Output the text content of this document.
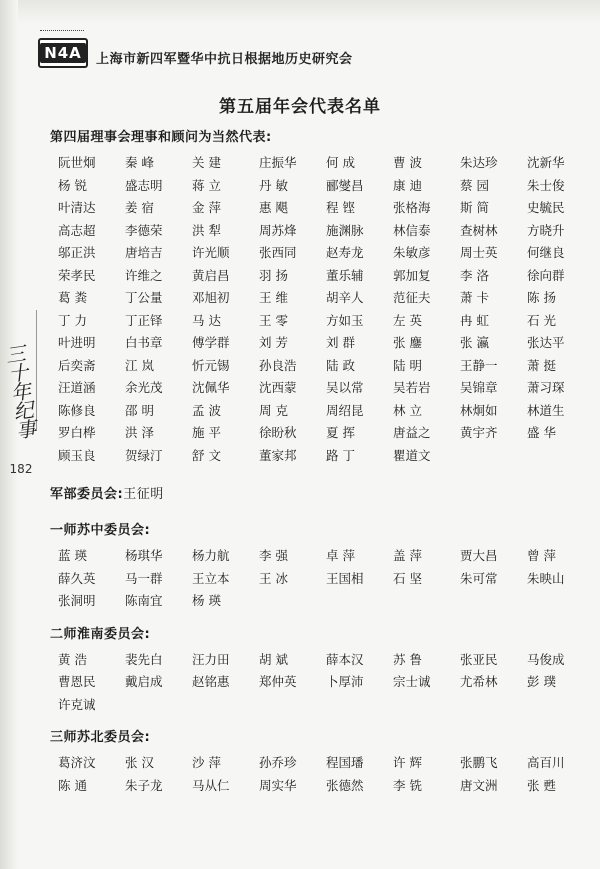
N4A	上海市新四军暨华中抗日根据地历史研究会
三十年纪事
182
第五届年会代表名单
第四届理事会理事和顾问为当然代表:
阮世炯	秦 峰	关 建	庄振华	何 成	曹 波	朱达珍	沈新华
杨 锐	盛志明	蒋 立	丹 敏	郦燮昌	康 迪	蔡 园	朱士俊
叶清达	姜 宿	金 萍	惠 飓	程 铿	张格海	斯 简	史毓民
高志超	李德荣	洪 犁	周苏烽	施渊脉	林信泰	查树林	方晓升
邬正洪	唐培吉	许光顺	张西同	赵寿龙	朱敏彦	周士英	何继良
荣孝民	许维之	黄启昌	羽 扬	董乐辅	郭加复	李 洛	徐向群
葛 粪	丁公量	邓旭初	王 维	胡辛人	范征夫	萧 卡	陈 扬
丁 力	丁正铎	马 达	王 零	方如玉	左 英	冉 虹	石 光
叶进明	白书章	傅学群	刘 芳	刘 群	张 鏖	张 瀛	张达平
后奕斋	江 岚	忻元锡	孙良浩	陆 政	陆 明	王静一	萧 挺
汪道涵	余光茂	沈佩华	沈西蒙	吴以常	吴若岩	吴锦章	萧习琛
陈修良	邵 明	孟 波	周 克	周绍昆	林 立	林炯如	林道生
罗白桦	洪 泽	施 平	徐盼秋	夏 挥	唐益之	黄宇齐	盛 华
顾玉良	贺绿汀	舒 文	董家邦	路 丁	瞿道文
军部委员会:王征明
一师苏中委员会:
蓝 瑛	杨琪华	杨力航	李 强	卓 萍	盖 萍	贾大昌	曾 萍
薛久英	马一群	王立本	王 冰	王国相	石 坚	朱可常	朱映山
张洞明	陈南宜	杨 瑛
二师淮南委员会:
黄 浩	裴先白	汪力田	胡 斌	薛本汉	苏 鲁	张亚民	马俊成
曹恩民	戴启成	赵铭惠	郑仲英	卜厚沛	宗士诚	尤希林	彭 璞
许克诚
三师苏北委员会:
葛济汶	张 汉	沙 萍	孙乔珍	程国璠	许 辉	张鹏飞	高百川
陈 通	朱子龙	马从仁	周实华	张德然	李 铣	唐文洲	张 甦
